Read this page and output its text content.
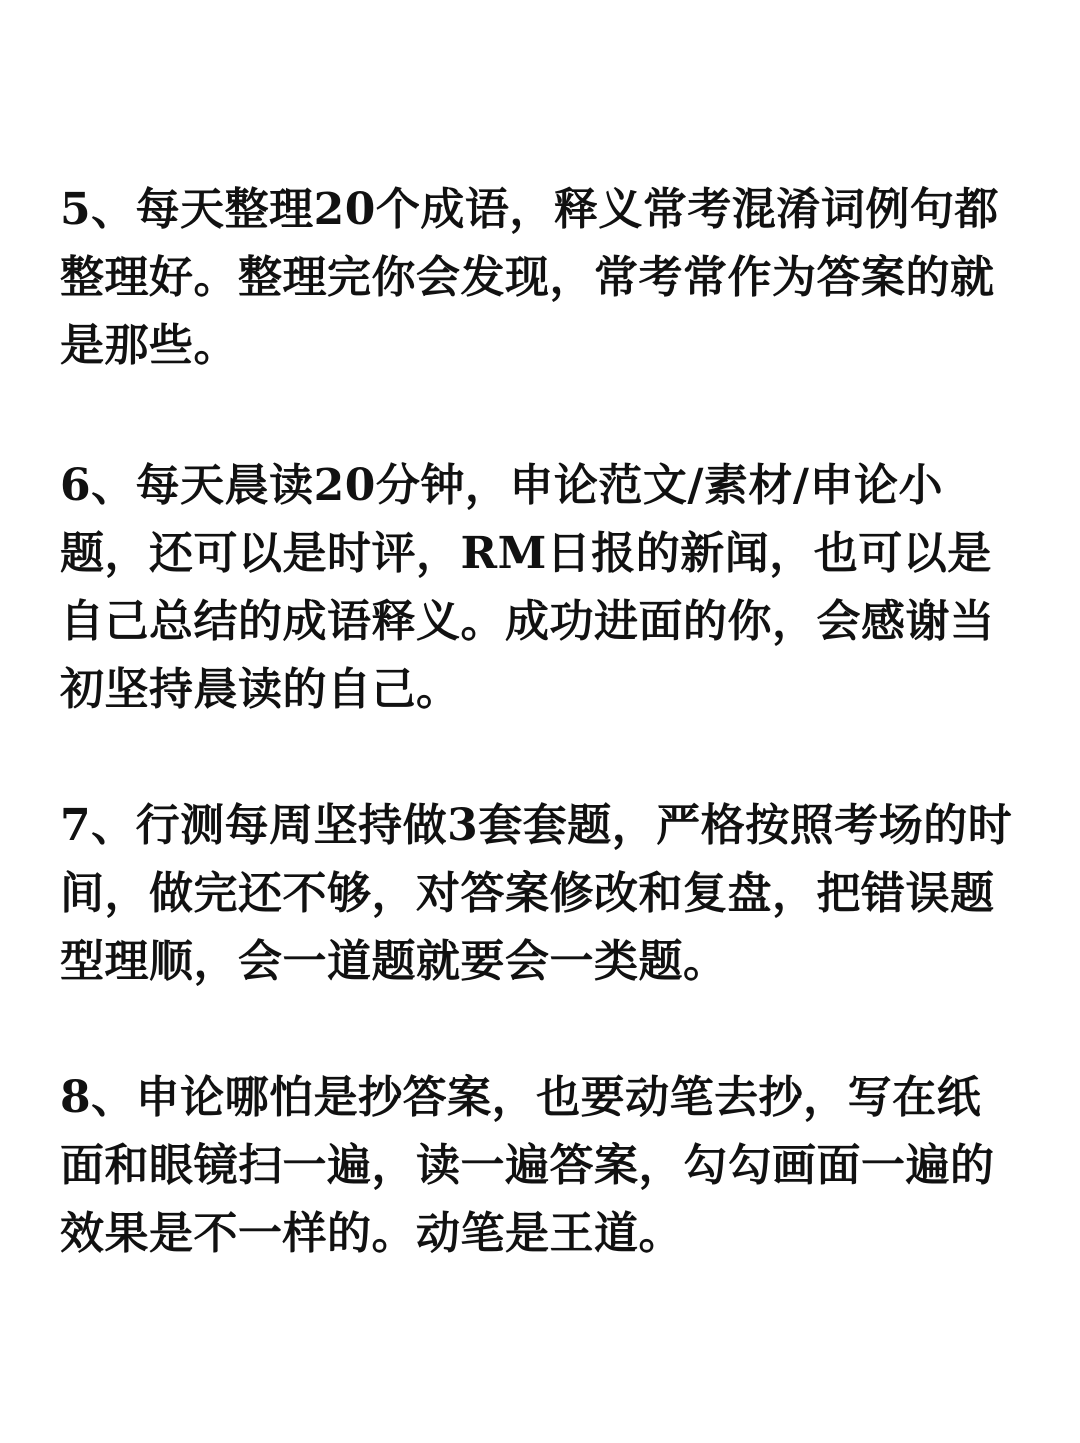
5、每天整理20个成语，释义常考混淆词例句都整理好。整理完你会发现，常考常作为答案的就是那些。

6、每天晨读20分钟，申论范文/素材/申论小题，还可以是时评，RM日报的新闻，也可以是自己总结的成语释义。成功进面的你，会感谢当初坚持晨读的自己。

7、行测每周坚持做3套套题，严格按照考场的时间，做完还不够，对答案修改和复盘，把错误题型理顺，会一道题就要会一类题。

8、申论哪怕是抄答案，也要动笔去抄，写在纸面和眼镜扫一遍，读一遍答案，勾勾画面一遍的效果是不一样的。动笔是王道。
